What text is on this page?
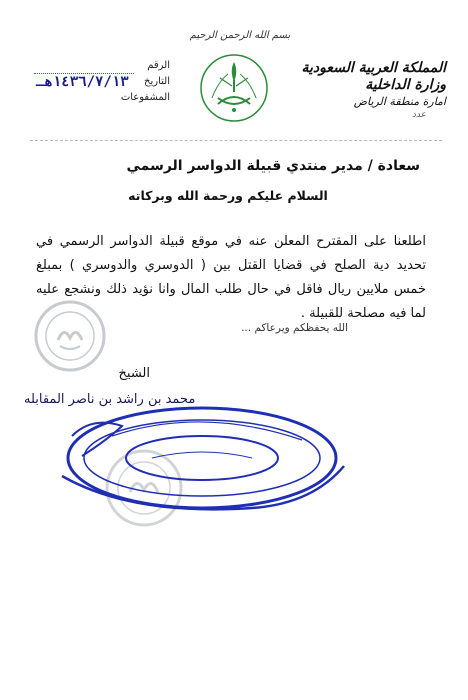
بسم الله الرحمن الرحيم
المملكة العربية السعودية
وزارة الداخلية
امارة منطقة الرياض
عدد
الرقم
التاريخ
١٤٣٦/٧/١٣هـ
المشفوعات
سعادة / مدير منتدي قبيلة الدواسر الرسمي
السلام عليكم ورحمة الله وبركاته
اطلعنا على المقترح المعلن عنه في موقع قبيلة الدواسر الرسمي في تحديد دية الصلح في قضايا القتل بين ( الدوسري والدوسري ) بمبلغ خمس ملايين ريال فاقل في حال طلب المال وانا نؤيد ذلك ونشجع عليه لما فيه مصلحة للقبيلة .
الله يحفظكم ويرعاكم ...
الشيخ
محمد بن راشد بن ناصر المقابله
